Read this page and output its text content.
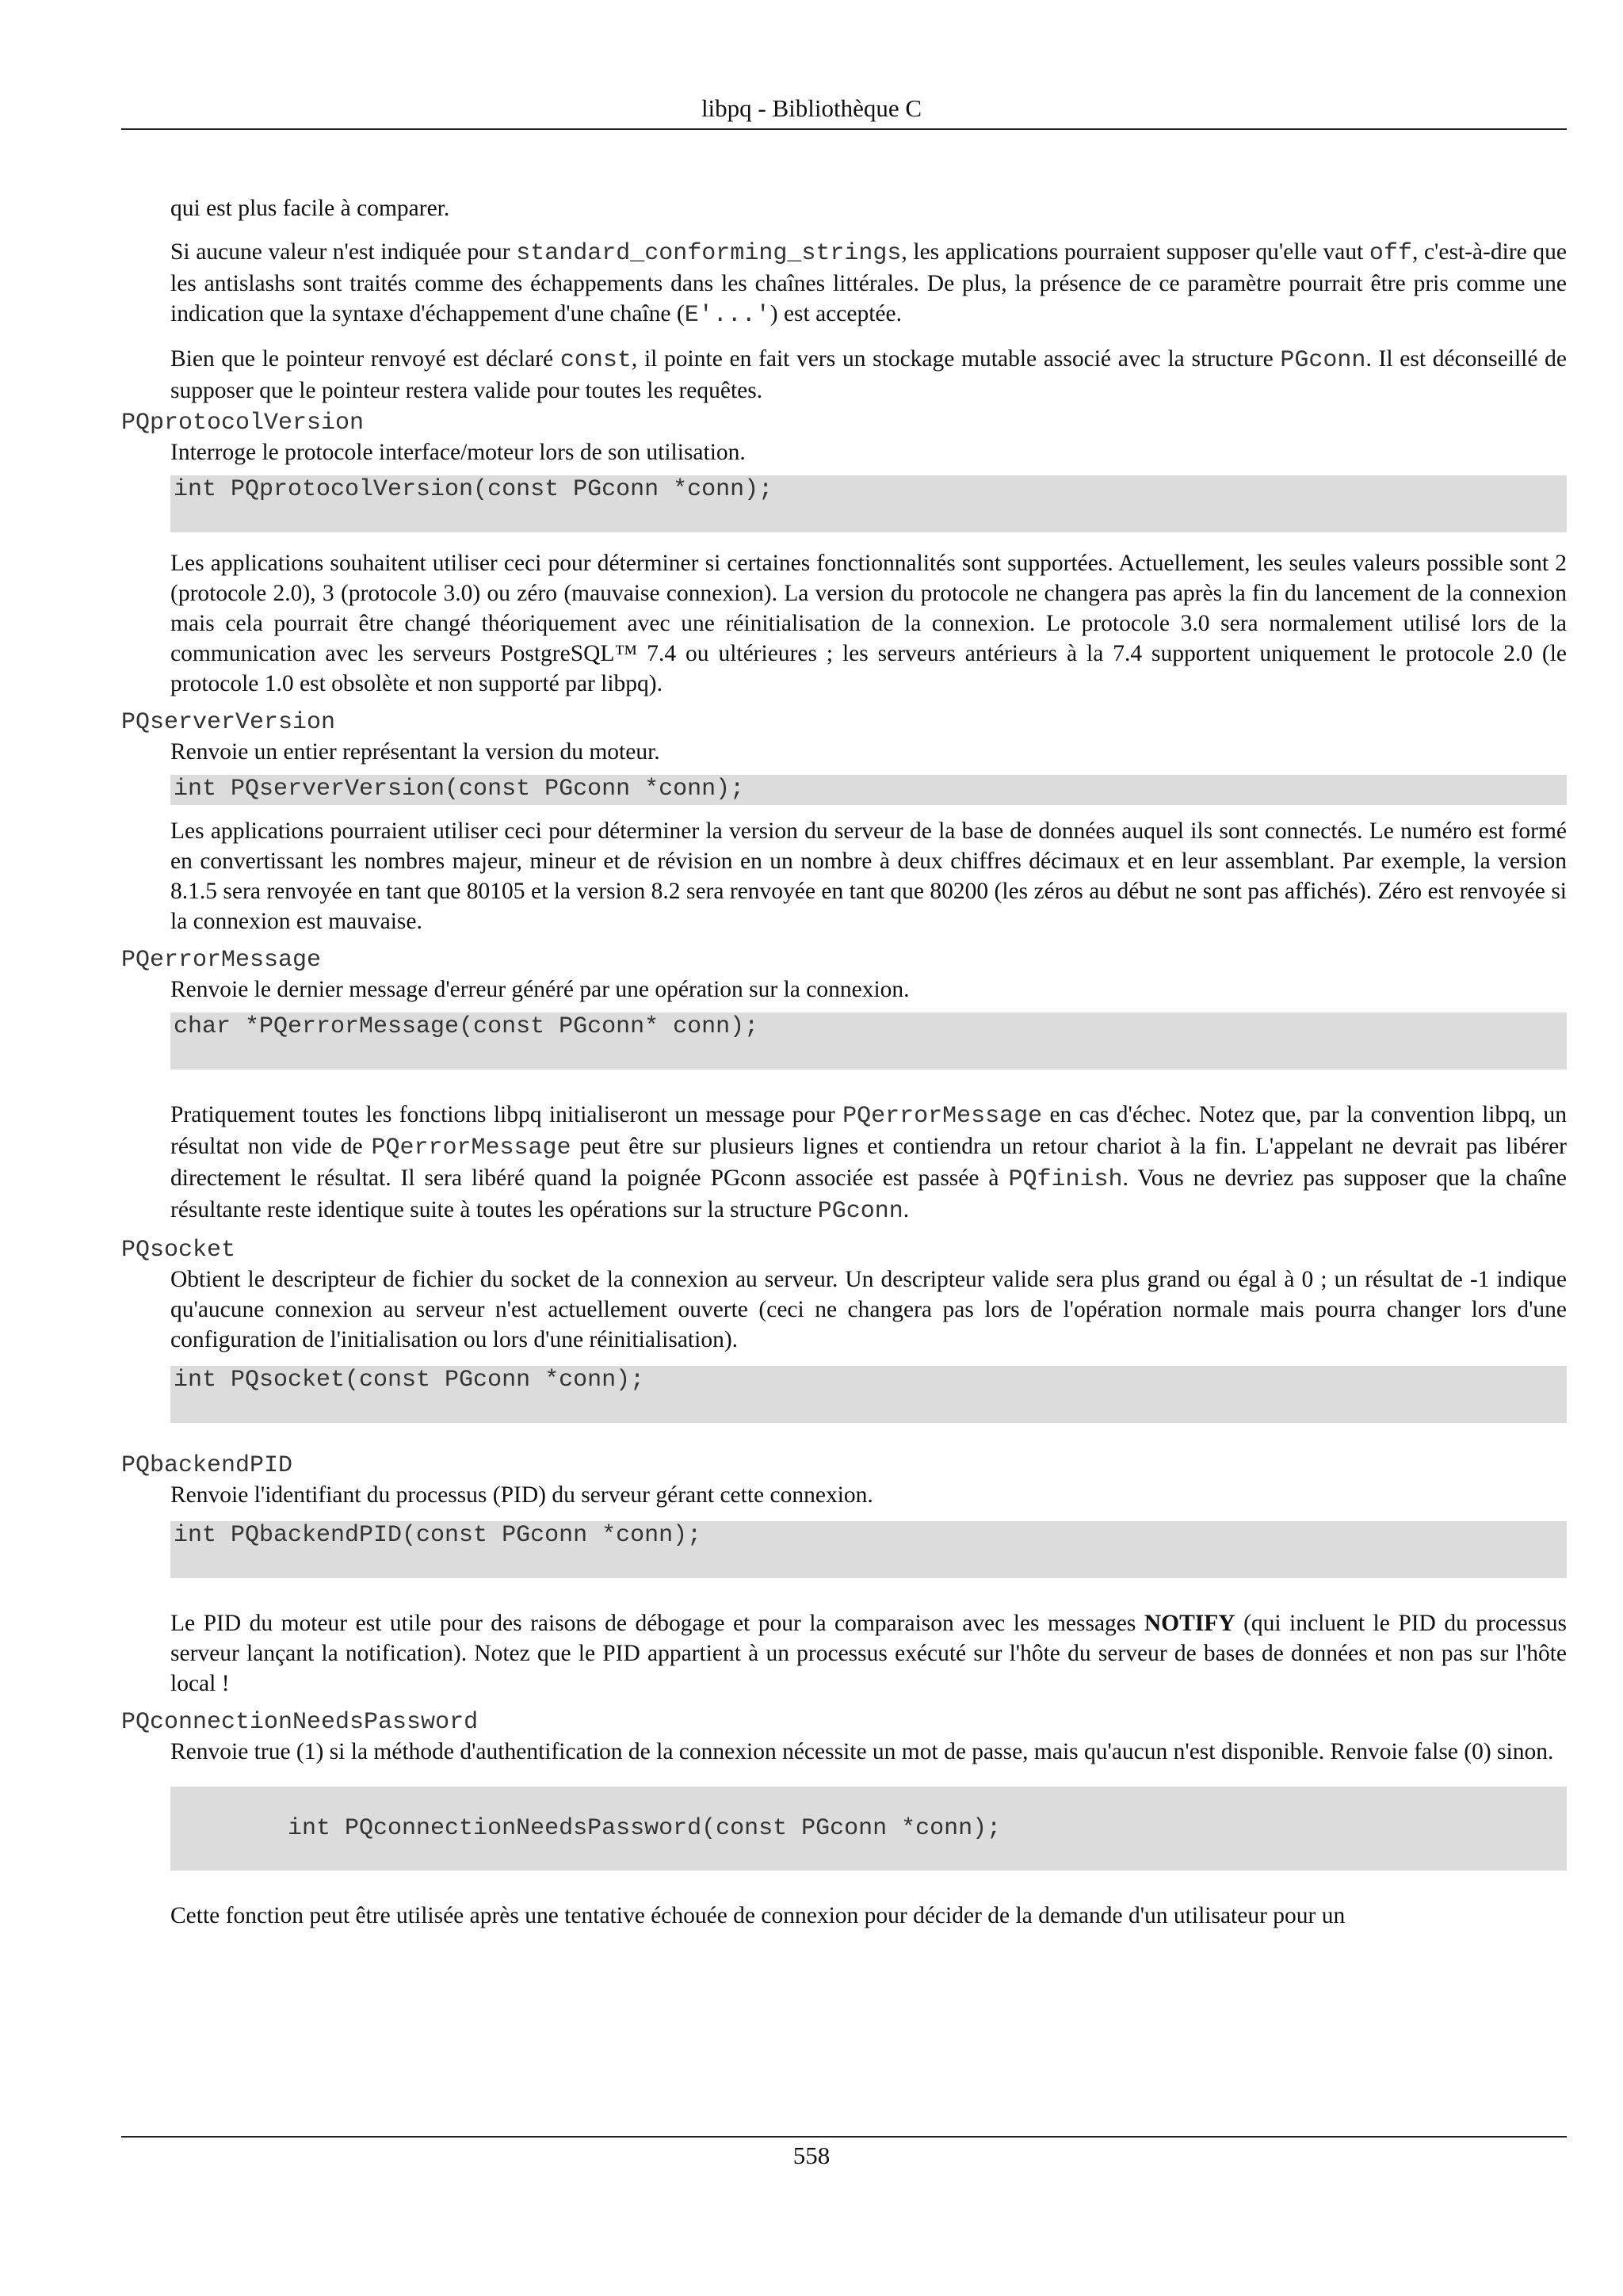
libpq - Bibliothèque C

qui est plus facile à comparer.

Si aucune valeur n'est indiquée pour standard_conforming_strings, les applications pourraient supposer qu'elle vaut off, c'est-à-dire que les antislashs sont traités comme des échappements dans les chaînes littérales. De plus, la présence de ce paramètre pourrait être pris comme une indication que la syntaxe d'échappement d'une chaîne (E'...') est acceptée.

Bien que le pointeur renvoyé est déclaré const, il pointe en fait vers un stockage mutable associé avec la structure PGconn. Il est déconseillé de supposer que le pointeur restera valide pour toutes les requêtes.

PQprotocolVersion

Interroge le protocole interface/moteur lors de son utilisation.

int PQprotocolVersion(const PGconn *conn);

Les applications souhaitent utiliser ceci pour déterminer si certaines fonctionnalités sont supportées. Actuellement, les seules valeurs possible sont 2 (protocole 2.0), 3 (protocole 3.0) ou zéro (mauvaise connexion). La version du protocole ne changera pas après la fin du lancement de la connexion mais cela pourrait être changé théoriquement avec une réinitialisation de la connexion. Le protocole 3.0 sera normalement utilisé lors de la communication avec les serveurs PostgreSQL™ 7.4 ou ultérieures ; les serveurs antérieurs à la 7.4 supportent uniquement le protocole 2.0 (le protocole 1.0 est obsolète et non supporté par libpq).

PQserverVersion

Renvoie un entier représentant la version du moteur.

int PQserverVersion(const PGconn *conn);

Les applications pourraient utiliser ceci pour déterminer la version du serveur de la base de données auquel ils sont connectés. Le numéro est formé en convertissant les nombres majeur, mineur et de révision en un nombre à deux chiffres décimaux et en leur assemblant. Par exemple, la version 8.1.5 sera renvoyée en tant que 80105 et la version 8.2 sera renvoyée en tant que 80200 (les zéros au début ne sont pas affichés). Zéro est renvoyée si la connexion est mauvaise.

PQerrorMessage

Renvoie le dernier message d'erreur généré par une opération sur la connexion.

char *PQerrorMessage(const PGconn* conn);

Pratiquement toutes les fonctions libpq initialiseront un message pour PQerrorMessage en cas d'échec. Notez que, par la convention libpq, un résultat non vide de PQerrorMessage peut être sur plusieurs lignes et contiendra un retour chariot à la fin. L'appelant ne devrait pas libérer directement le résultat. Il sera libéré quand la poignée PGconn associée est passée à PQfinish. Vous ne devriez pas supposer que la chaîne résultante reste identique suite à toutes les opérations sur la structure PGconn.

PQsocket

Obtient le descripteur de fichier du socket de la connexion au serveur. Un descripteur valide sera plus grand ou égal à 0 ; un résultat de -1 indique qu'aucune connexion au serveur n'est actuellement ouverte (ceci ne changera pas lors de l'opération normale mais pourra changer lors d'une configuration de l'initialisation ou lors d'une réinitialisation).

int PQsocket(const PGconn *conn);

PQbackendPID

Renvoie l'identifiant du processus (PID) du serveur gérant cette connexion.

int PQbackendPID(const PGconn *conn);

Le PID du moteur est utile pour des raisons de débogage et pour la comparaison avec les messages NOTIFY (qui incluent le PID du processus serveur lançant la notification). Notez que le PID appartient à un processus exécuté sur l'hôte du serveur de bases de données et non pas sur l'hôte local !

PQconnectionNeedsPassword

Renvoie true (1) si la méthode d'authentification de la connexion nécessite un mot de passe, mais qu'aucun n'est disponible. Renvoie false (0) sinon.

int PQconnectionNeedsPassword(const PGconn *conn);

Cette fonction peut être utilisée après une tentative échouée de connexion pour décider de la demande d'un utilisateur pour un

558
